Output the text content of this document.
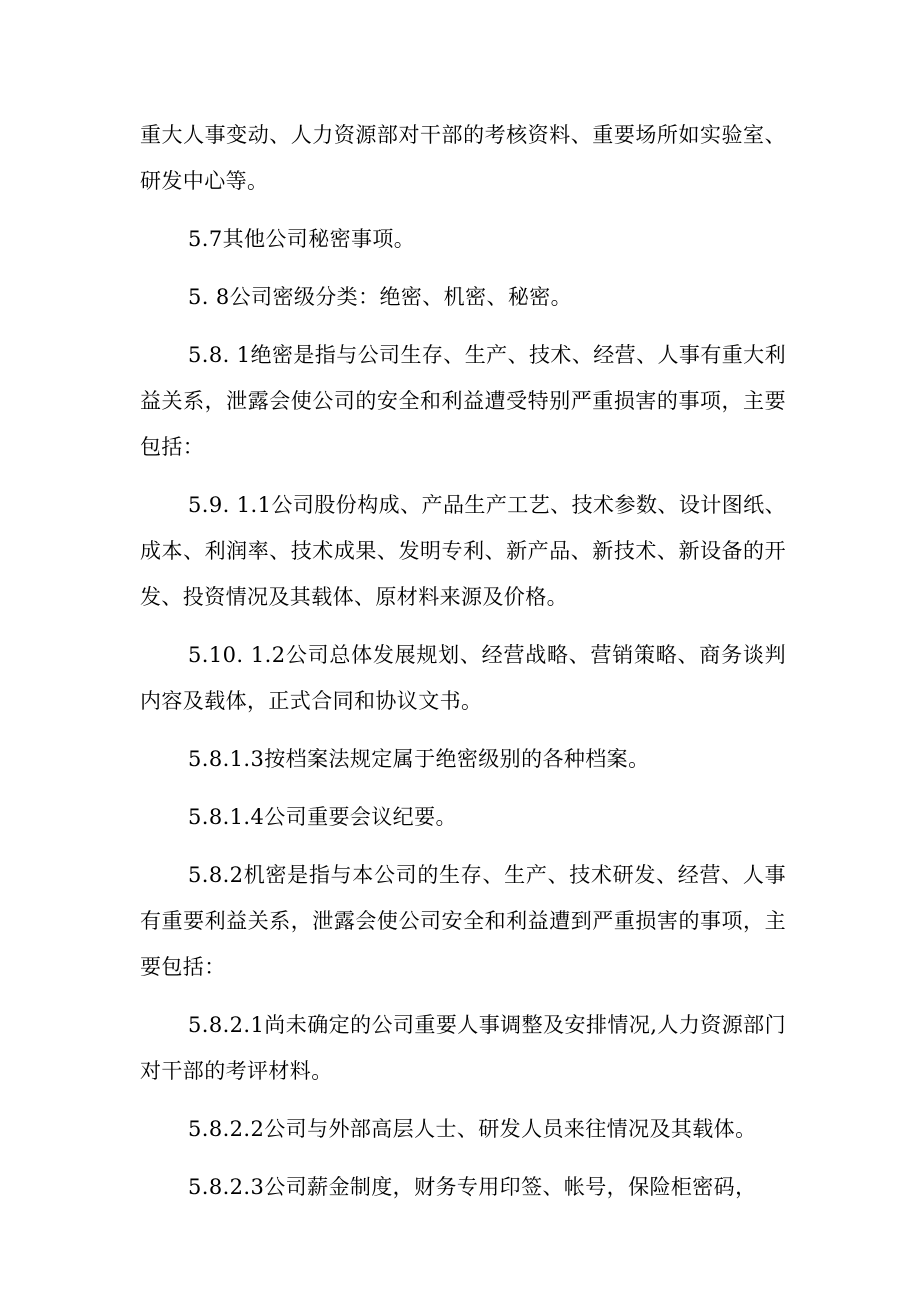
重大人事变动、人力资源部对干部的考核资料、重要场所如实验室、研发中心等。

5.7其他公司秘密事项。

5. 8公司密级分类：绝密、机密、秘密。

5.8. 1绝密是指与公司生存、生产、技术、经营、人事有重大利益关系，泄露会使公司的安全和利益遭受特别严重损害的事项，主要包括：

5.9. 1.1公司股份构成、产品生产工艺、技术参数、设计图纸、成本、利润率、技术成果、发明专利、新产品、新技术、新设备的开发、投资情况及其载体、原材料来源及价格。

5.10. 1.2公司总体发展规划、经营战略、营销策略、商务谈判内容及载体，正式合同和协议文书。

5.8.1.3按档案法规定属于绝密级别的各种档案。

5.8.1.4公司重要会议纪要。

5.8.2机密是指与本公司的生存、生产、技术研发、经营、人事有重要利益关系，泄露会使公司安全和利益遭到严重损害的事项，主要包括：

5.8.2.1尚未确定的公司重要人事调整及安排情况,人力资源部门对干部的考评材料。

5.8.2.2公司与外部高层人士、研发人员来往情况及其载体。

5.8.2.3公司薪金制度，财务专用印签、帐号，保险柜密码，
